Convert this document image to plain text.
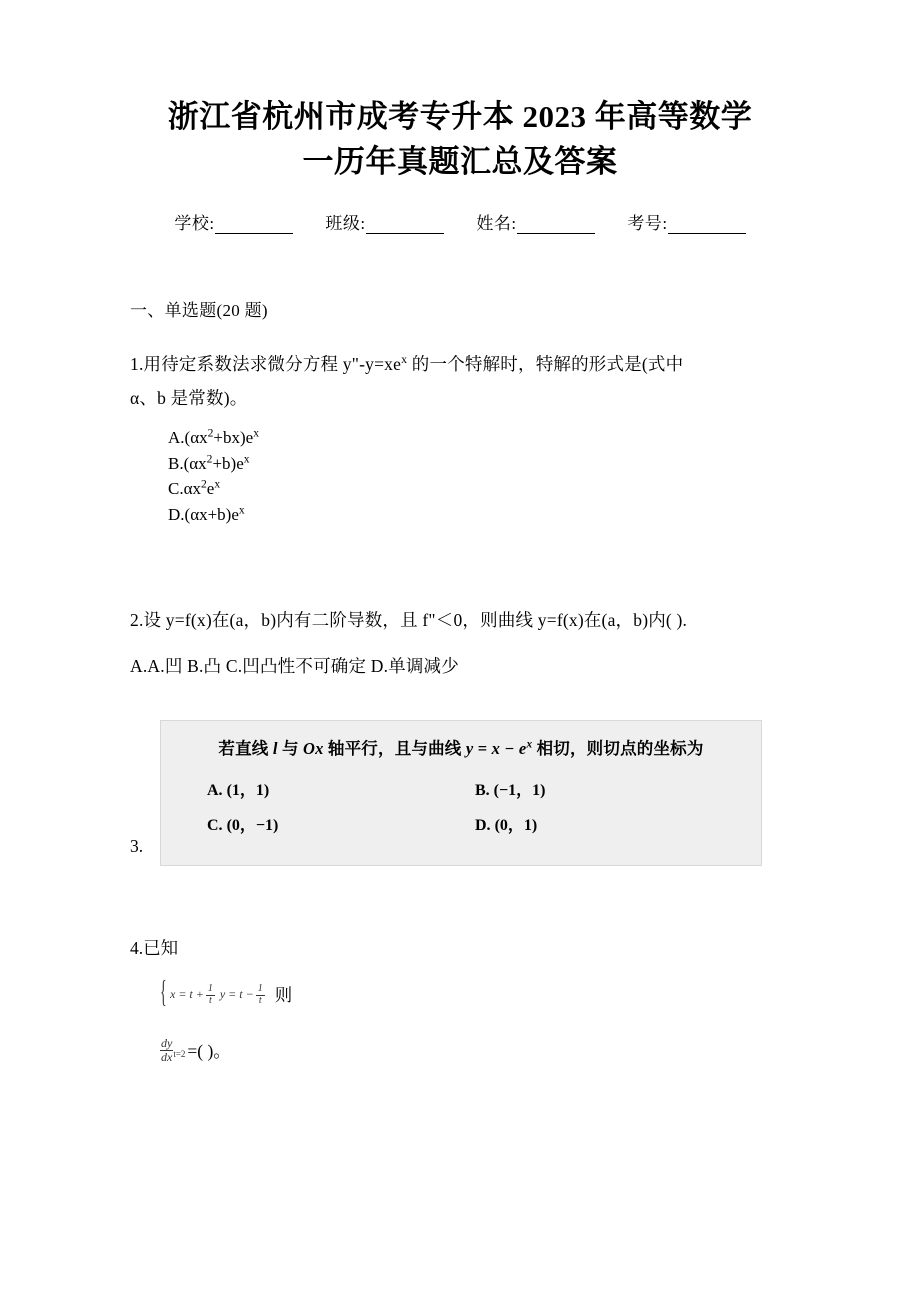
浙江省杭州市成考专升本 2023 年高等数学
一历年真题汇总及答案
学校:	班级:	姓名:	考号:
一、单选题(20 题)
1.用待定系数法求微分方程 $y"-y=xe^x$ 的一个特解时，特解的形式是(式中
α、b 是常数)。
$A.(\alpha x^2+bx)e^x$
$B.(\alpha x^2+b)e^x$
$C.\alpha x^2e^x$
$D.(\alpha x+b)e^x$
2.设 y=f(x)在(a，b)内有二阶导数，且 f"＜0，则曲线 y=f(x)在(a，b)内( ).
A.A.凹 B.凸 C.凹凸性不可确定 D.单调减少
若直线 l 与 Ox 轴平行，且与曲线 $y = x - e^x$ 相切，则切点的坐标为
A. (1，1)
C. (0，−1)
B. (−1，1)
D. (0，1)
3.
4.已知
{ $x = t + \frac{1}{t}$ $y = t - \frac{1}{t}$ 则
$\frac{dy}{dx} _{t=2}$ =( )。
